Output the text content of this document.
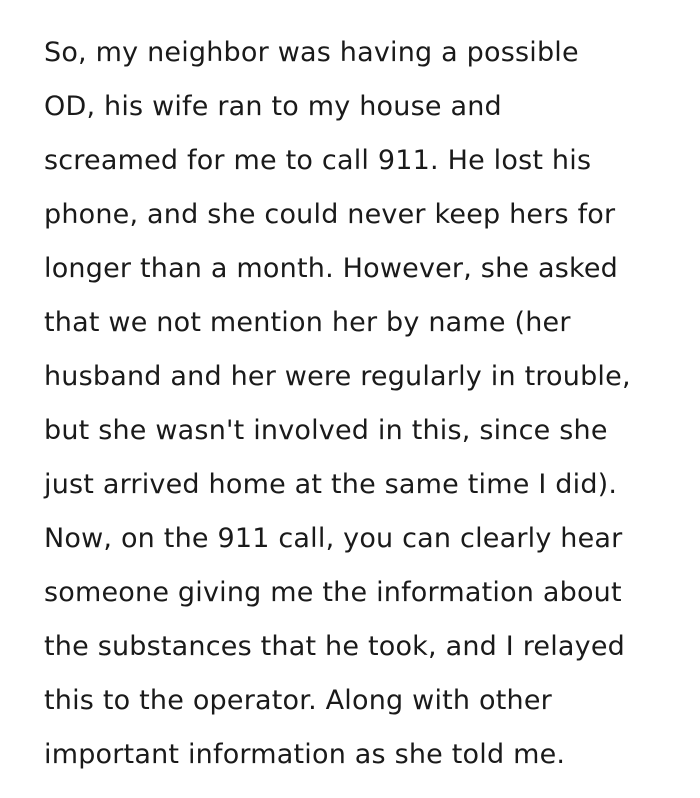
So, my neighbor was having a possible
OD, his wife ran to my house and
screamed for me to call 911. He lost his
phone, and she could never keep hers for
longer than a month. However, she asked
that we not mention her by name (her
husband and her were regularly in trouble,
but she wasn't involved in this, since she
just arrived home at the same time I did).
Now, on the 911 call, you can clearly hear
someone giving me the information about
the substances that he took, and I relayed
this to the operator. Along with other
important information as she told me.
